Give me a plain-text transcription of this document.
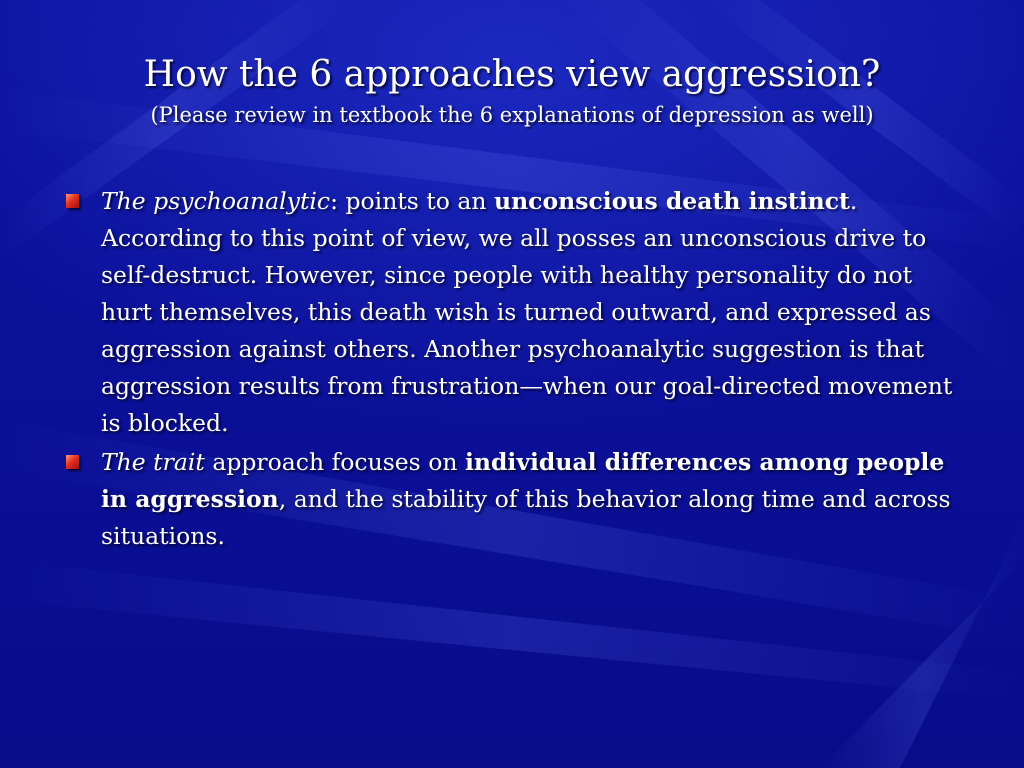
How the 6 approaches view aggression?

(Please review in textbook the 6 explanations of depression as well)

The psychoanalytic: points to an unconscious death instinct. According to this point of view, we all posses an unconscious drive to self-destruct. However, since people with healthy personality do not hurt themselves, this death wish is turned outward, and expressed as aggression against others. Another psychoanalytic suggestion is that aggression results from frustration—when our goal-directed movement is blocked.
The trait approach focuses on individual differences among people in aggression, and the stability of this behavior along time and across situations.
